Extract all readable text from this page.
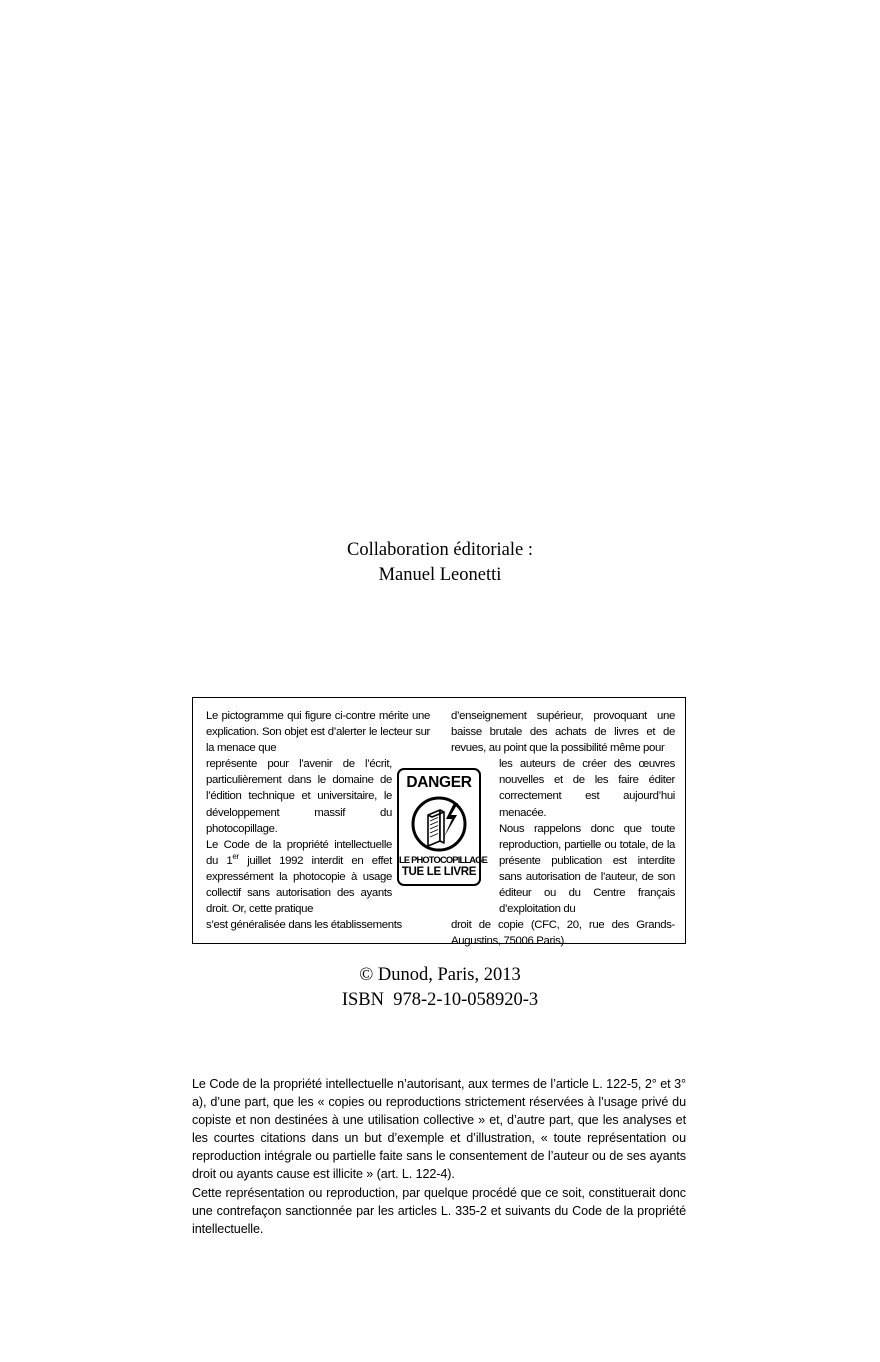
Collaboration éditoriale :
Manuel Leonetti

Le pictogramme qui figure ci-contre mérite une explication. Son objet est d’alerter le lecteur sur la menace que

représente pour l’avenir de l’écrit, particulièrement dans le domaine de l’édition technique et universitaire, le développement massif du photocopillage.

Le Code de la propriété intellectuelle du 1er juillet 1992 interdit en effet expressément la photocopie à usage collectif sans autorisation des ayants droit. Or, cette pratique

s’est généralisée dans les établissements

d’enseignement supérieur, provoquant une baisse brutale des achats de livres et de revues, au point que la possibilité même pour

les auteurs de créer des œuvres nouvelles et de les faire éditer correctement est aujourd’hui menacée.

Nous rappelons donc que toute reproduction, partielle ou totale, de la présente publication est interdite sans autorisation de l’auteur, de son éditeur ou du Centre français d’exploitation du

droit de copie (CFC, 20, rue des Grands-Augustins, 75006 Paris).

DANGER
LE PHOTOCOPILLAGE
TUE LE LIVRE
© Dunod, Paris, 2013
ISBN  978-2-10-058920-3

Le Code de la propriété intellectuelle n’autorisant, aux termes de l’article L. 122-5, 2° et 3° a), d’une part, que les « copies ou reproductions strictement réservées à l’usage privé du copiste et non destinées à une utilisation collective » et, d’autre part, que les analyses et les courtes citations dans un but d’exemple et d’illustration, « toute représentation ou reproduction intégrale ou partielle faite sans le consentement de l’auteur ou de ses ayants droit ou ayants cause est illicite » (art. L. 122-4).

Cette représentation ou reproduction, par quelque procédé que ce soit, constituerait donc une contrefaçon sanctionnée par les articles L. 335-2 et suivants du Code de la propriété intellectuelle.
